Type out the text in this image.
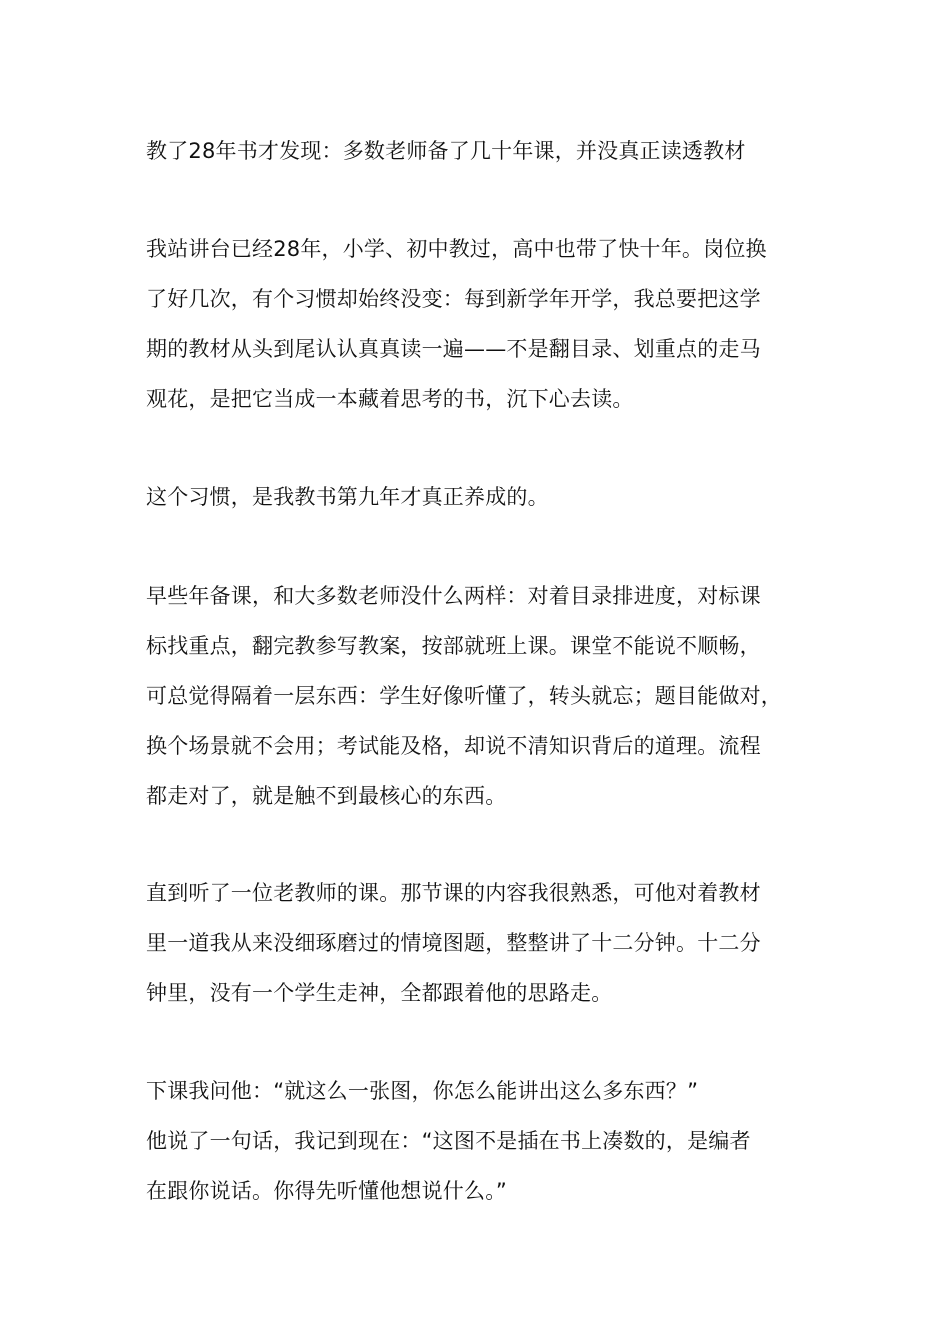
教了28年书才发现：多数老师备了几十年课，并没真正读透教材

我站讲台已经28年，小学、初中教过，高中也带了快十年。岗位换

了好几次，有个习惯却始终没变：每到新学年开学，我总要把这学

期的教材从头到尾认认真真读一遍——不是翻目录、划重点的走马

观花，是把它当成一本藏着思考的书，沉下心去读。

这个习惯，是我教书第九年才真正养成的。

早些年备课，和大多数老师没什么两样：对着目录排进度，对标课

标找重点，翻完教参写教案，按部就班上课。课堂不能说不顺畅，

可总觉得隔着一层东西：学生好像听懂了，转头就忘；题目能做对，

换个场景就不会用；考试能及格，却说不清知识背后的道理。流程

都走对了，就是触不到最核心的东西。

直到听了一位老教师的课。那节课的内容我很熟悉，可他对着教材

里一道我从来没细琢磨过的情境图题，整整讲了十二分钟。十二分

钟里，没有一个学生走神，全都跟着他的思路走。

下课我问他：“就这么一张图，你怎么能讲出这么多东西？”

他说了一句话，我记到现在：“这图不是插在书上凑数的，是编者

在跟你说话。你得先听懂他想说什么。”
